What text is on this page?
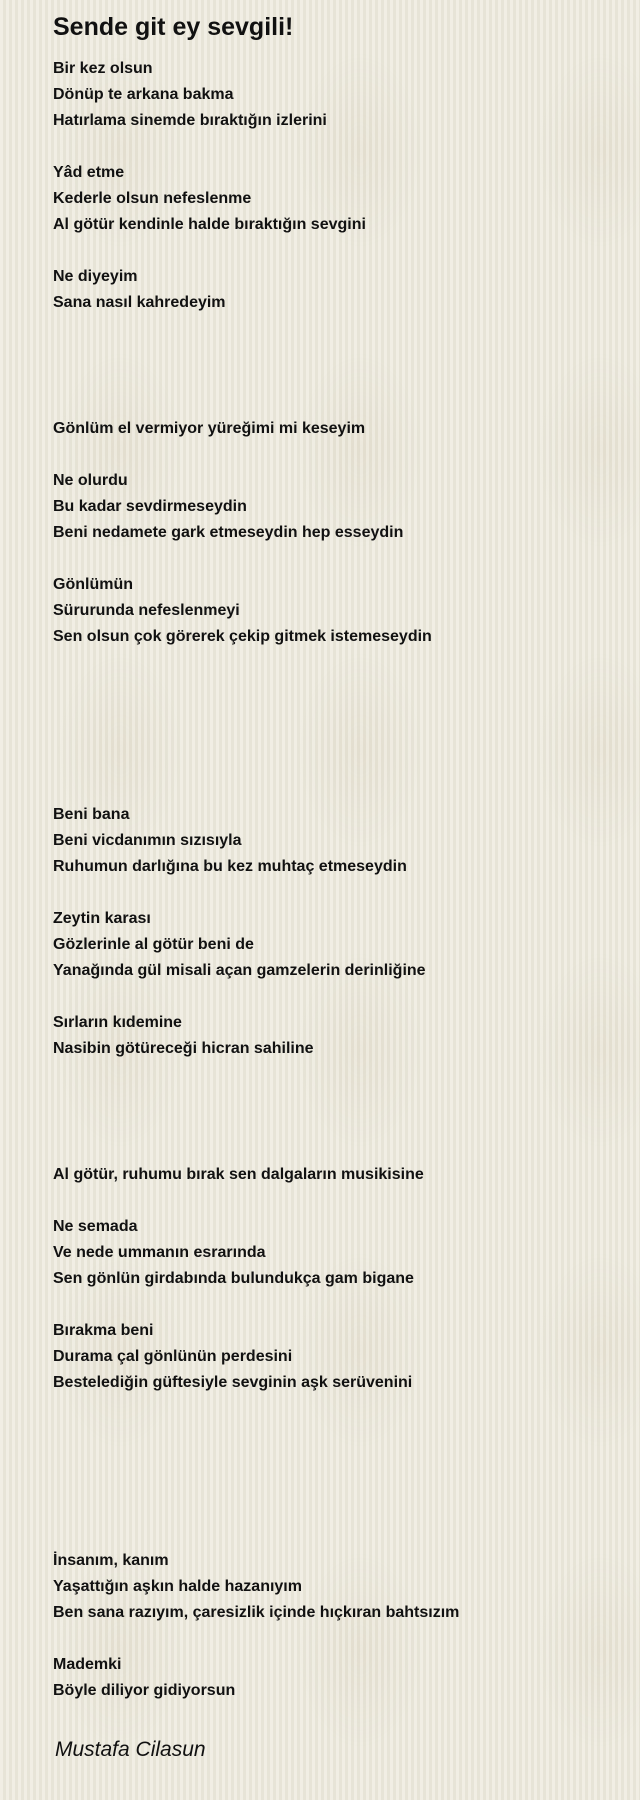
Sende git ey sevgili!
Bir kez olsun
Dönüp te arkana bakma
Hatırlama sinemde bıraktığın izlerini
Yâd etme
Kederle olsun nefeslenme
Al götür kendinle halde bıraktığın sevgini
Ne diyeyim
Sana nasıl kahredeyim
Gönlüm el vermiyor yüreğimi mi keseyim
Ne olurdu
Bu kadar sevdirmeseydin
Beni nedamete gark etmeseydin hep esseydin
Gönlümün
Sürurunda nefeslenmeyi
Sen olsun çok görerek çekip gitmek istemeseydin
Beni bana
Beni vicdanımın sızısıyla
Ruhumun darlığına bu kez muhtaç etmeseydin
Zeytin karası
Gözlerinle al götür beni de
Yanağında gül misali açan gamzelerin derinliğine
Sırların kıdemine
Nasibin götüreceği hicran sahiline
Al götür, ruhumu bırak sen dalgaların musikisine
Ne semada
Ve nede ummanın esrarında
Sen gönlün girdabında bulundukça gam bigane
Bırakma beni
Durama çal gönlünün perdesini
Bestelediğin güftesiyle sevginin aşk serüvenini
İnsanım, kanım
Yaşattığın aşkın halde hazanıyım
Ben sana razıyım, çaresizlik içinde hıçkıran bahtsızım
Mademki
Böyle diliyor gidiyorsun
Mustafa Cilasun
